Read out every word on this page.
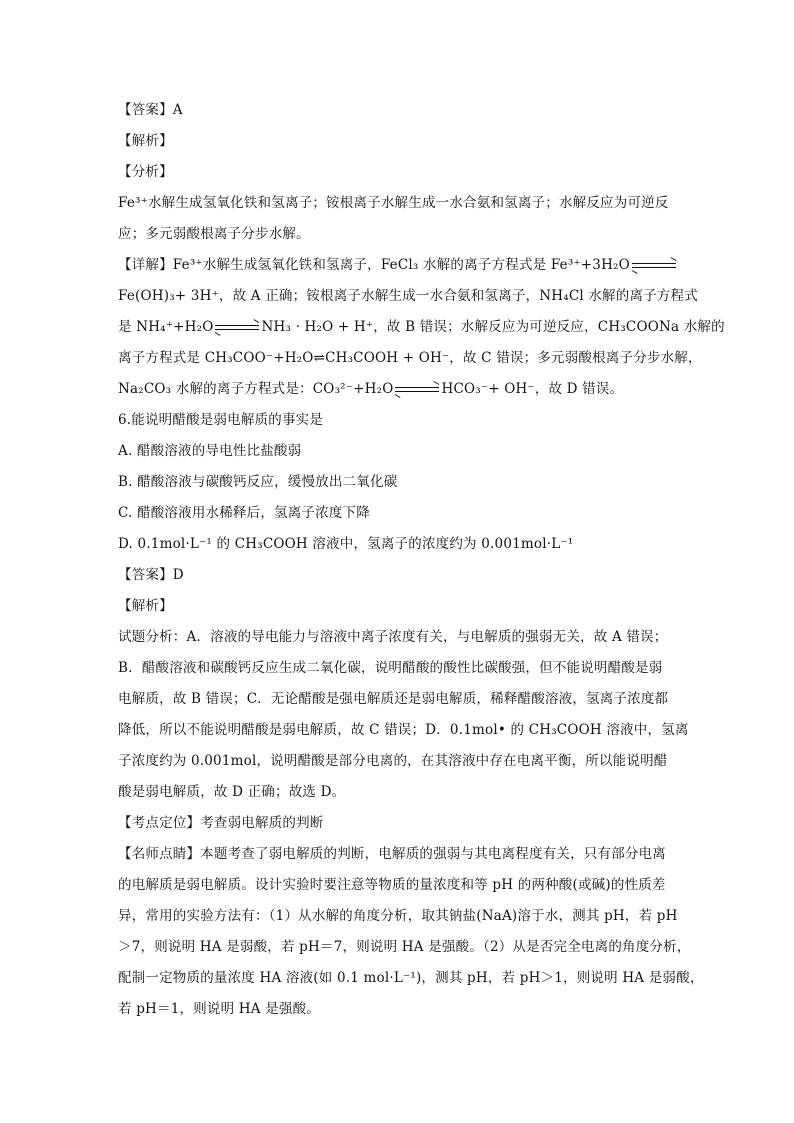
【答案】A
【解析】
【分析】
Fe³⁺水解生成氢氧化铁和氢离子；铵根离子水解生成一水合氨和氢离子；水解反应为可逆反
应；多元弱酸根离子分步水解。
【详解】Fe³⁺水解生成氢氧化铁和氢离子，FeCl₃ 水解的离子方程式是 Fe³⁺+3H₂O
Fe(OH)₃+ 3H⁺，故 A 正确；铵根离子水解生成一水合氨和氢离子，NH₄Cl 水解的离子方程式
是 NH₄⁺+H₂O	NH₃ · H₂O + H⁺，故 B 错误；水解反应为可逆反应，CH₃COONa 水解的
离子方程式是 CH₃COO⁻+H₂O⇌CH₃COOH + OH⁻，故 C 错误；多元弱酸根离子分步水解，
Na₂CO₃ 水解的离子方程式是：CO₃²⁻+H₂O	HCO₃⁻+ OH⁻，故 D 错误。
6.能说明醋酸是弱电解质的事实是
A. 醋酸溶液的导电性比盐酸弱
B. 醋酸溶液与碳酸钙反应，缓慢放出二氧化碳
C. 醋酸溶液用水稀释后，氢离子浓度下降
D. 0.1mol·L⁻¹ 的 CH₃COOH 溶液中，氢离子的浓度约为 0.001mol·L⁻¹
【答案】D
【解析】
试题分析：A．溶液的导电能力与溶液中离子浓度有关，与电解质的强弱无关，故 A 错误；
B．醋酸溶液和碳酸钙反应生成二氧化碳，说明醋酸的酸性比碳酸强，但不能说明醋酸是弱
电解质，故 B 错误；C．无论醋酸是强电解质还是弱电解质，稀释醋酸溶液，氢离子浓度都
降低，所以不能说明醋酸是弱电解质，故 C 错误；D．0.1mol• 的 CH₃COOH 溶液中，氢离
子浓度约为 0.001mol，说明醋酸是部分电离的，在其溶液中存在电离平衡，所以能说明醋
酸是弱电解质，故 D 正确；故选 D。
【考点定位】考查弱电解质的判断
【名师点睛】本题考查了弱电解质的判断，电解质的强弱与其电离程度有关，只有部分电离
的电解质是弱电解质。设计实验时要注意等物质的量浓度和等 pH 的两种酸(或碱)的性质差
异，常用的实验方法有：（1）从水解的角度分析，取其钠盐(NaA)溶于水，测其 pH，若 pH
＞7，则说明 HA 是弱酸，若 pH＝7，则说明 HA 是强酸。（2）从是否完全电离的角度分析，
配制一定物质的量浓度 HA 溶液(如 0.1 mol·L⁻¹)，测其 pH，若 pH＞1，则说明 HA 是弱酸，
若 pH＝1，则说明 HA 是强酸。
